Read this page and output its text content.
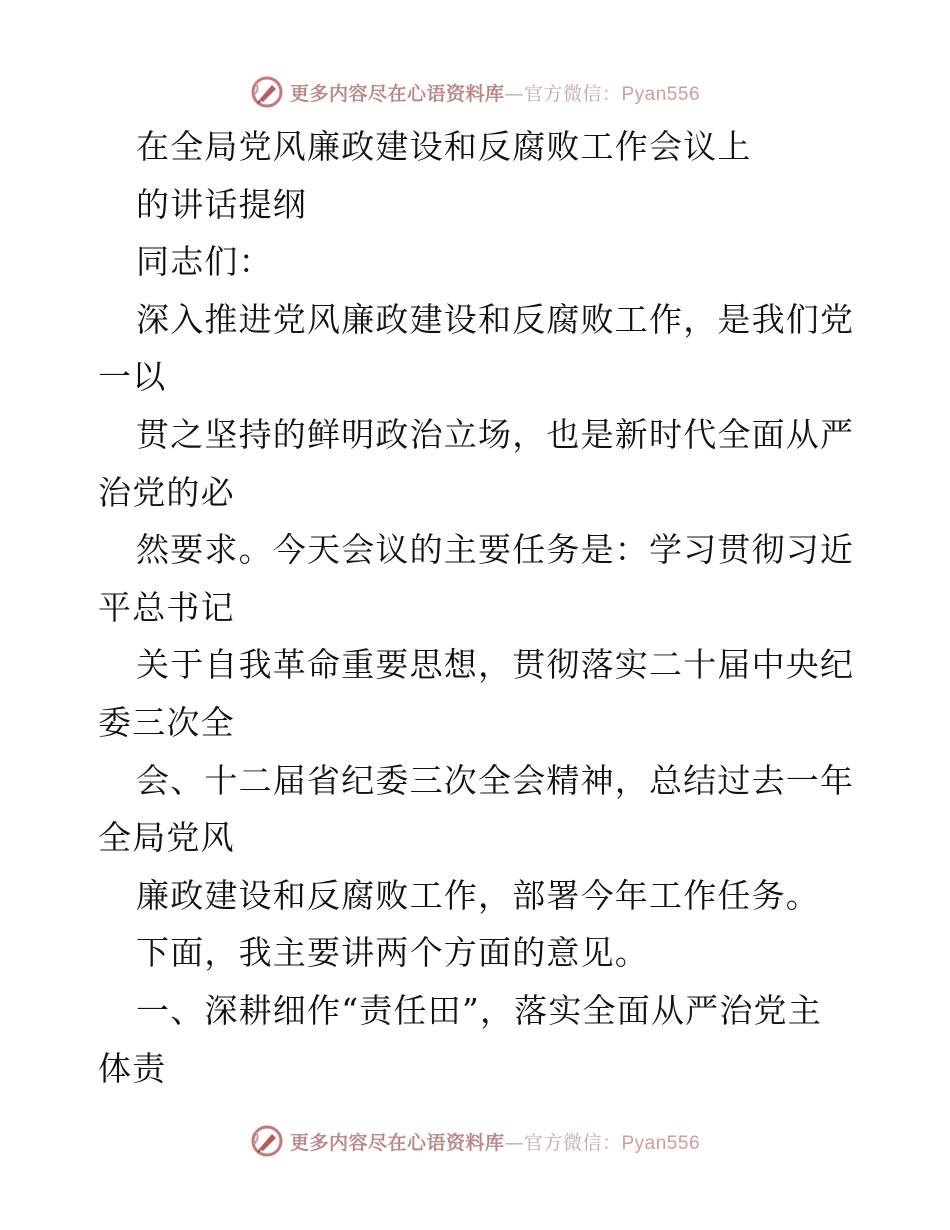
更多内容尽在心语资料库—官方微信：Pyan556
在全局党风廉政建设和反腐败工作会议上
的讲话提纲
同志们：
深入推进党风廉政建设和反腐败工作，是我们党
一以
贯之坚持的鲜明政治立场，也是新时代全面从严
治党的必
然要求。今天会议的主要任务是：学习贯彻习近
平总书记
关于自我革命重要思想，贯彻落实二十届中央纪
委三次全
会、十二届省纪委三次全会精神，总结过去一年
全局党风
廉政建设和反腐败工作，部署今年工作任务。
下面，我主要讲两个方面的意见。
一、深耕细作“责任田”，落实全面从严治党主
体责
更多内容尽在心语资料库—官方微信：Pyan556
